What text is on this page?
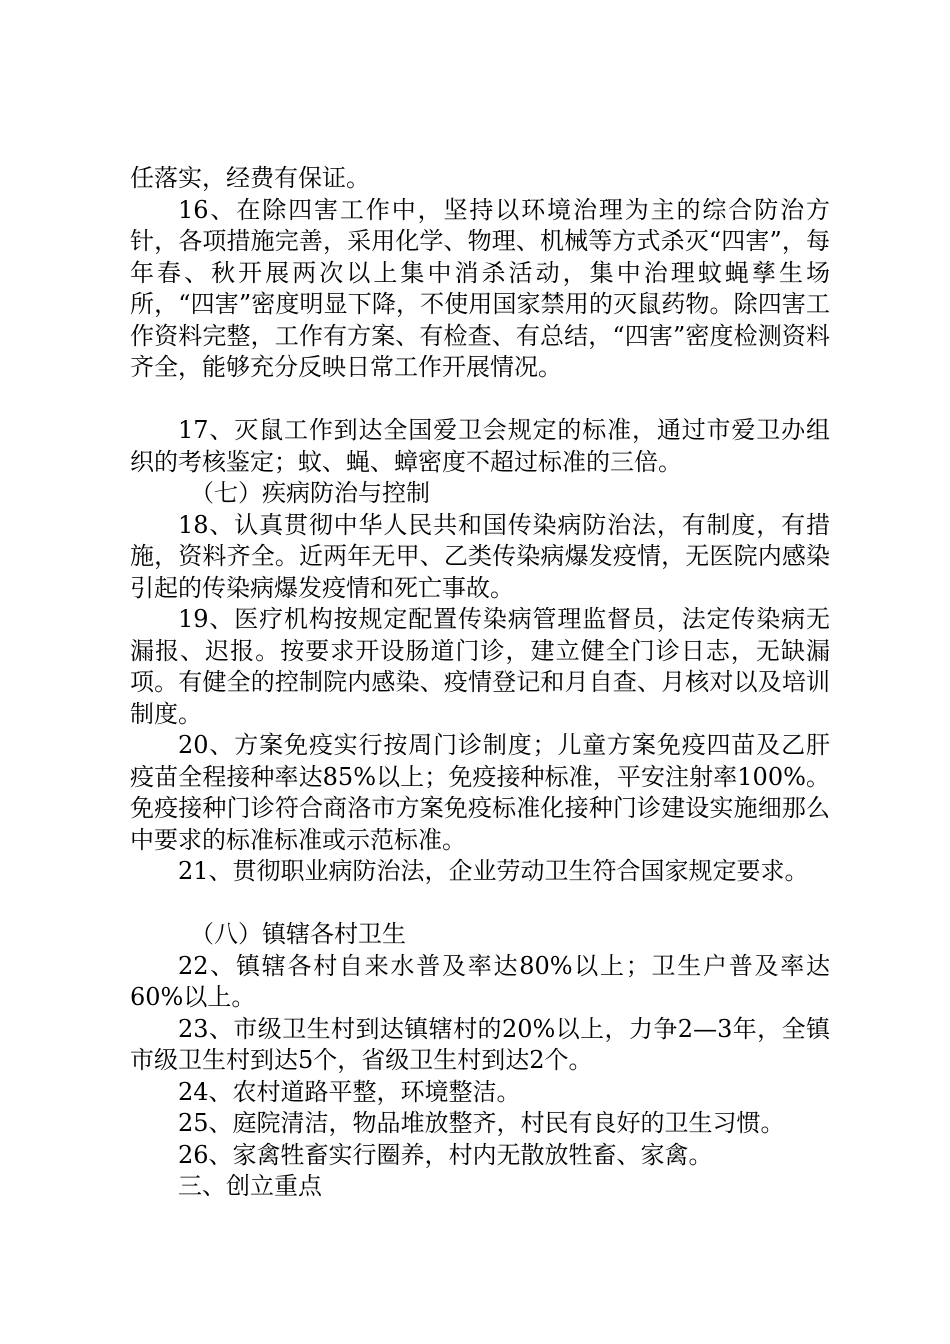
任落实，经费有保证。

16、在除四害工作中，坚持以环境治理为主的综合防治方针，各项措施完善，采用化学、物理、机械等方式杀灭“四害”，每年春、秋开展两次以上集中消杀活动，集中治理蚊蝇孳生场所，“四害”密度明显下降，不使用国家禁用的灭鼠药物。除四害工作资料完整，工作有方案、有检查、有总结，“四害”密度检测资料齐全，能够充分反映日常工作开展情况。

17、灭鼠工作到达全国爱卫会规定的标准，通过市爱卫办组织的考核鉴定；蚊、蝇、蟑密度不超过标准的三倍。

（七）疾病防治与控制

18、认真贯彻中华人民共和国传染病防治法，有制度，有措施，资料齐全。近两年无甲、乙类传染病爆发疫情，无医院内感染引起的传染病爆发疫情和死亡事故。

19、医疗机构按规定配置传染病管理监督员，法定传染病无漏报、迟报。按要求开设肠道门诊，建立健全门诊日志，无缺漏项。有健全的控制院内感染、疫情登记和月自查、月核对以及培训制度。

20、方案免疫实行按周门诊制度；儿童方案免疫四苗及乙肝疫苗全程接种率达85%以上；免疫接种标准，平安注射率100%。免疫接种门诊符合商洛市方案免疫标准化接种门诊建设实施细那么中要求的标准标准或示范标准。

21、贯彻职业病防治法，企业劳动卫生符合国家规定要求。

（八）镇辖各村卫生

22、镇辖各村自来水普及率达80%以上；卫生户普及率达60%以上。

23、市级卫生村到达镇辖村的20%以上，力争2—3年，全镇市级卫生村到达5个，省级卫生村到达2个。

24、农村道路平整，环境整洁。

25、庭院清洁，物品堆放整齐，村民有良好的卫生习惯。

26、家禽牲畜实行圈养，村内无散放牲畜、家禽。

三、创立重点
